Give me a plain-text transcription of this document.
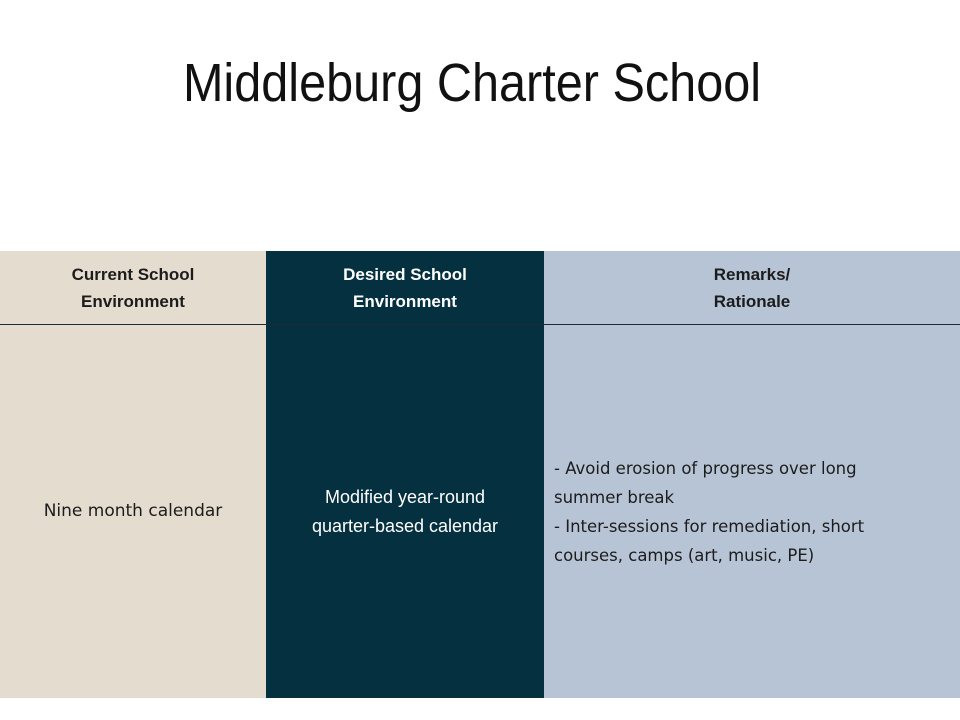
Middleburg Charter School
Current School
Environment
Nine month calendar
Desired School
Environment
Modified year-round
quarter-based calendar
Remarks/
Rationale
- Avoid erosion of progress over long
summer break
- Inter-sessions for remediation, short
courses, camps (art, music, PE)
